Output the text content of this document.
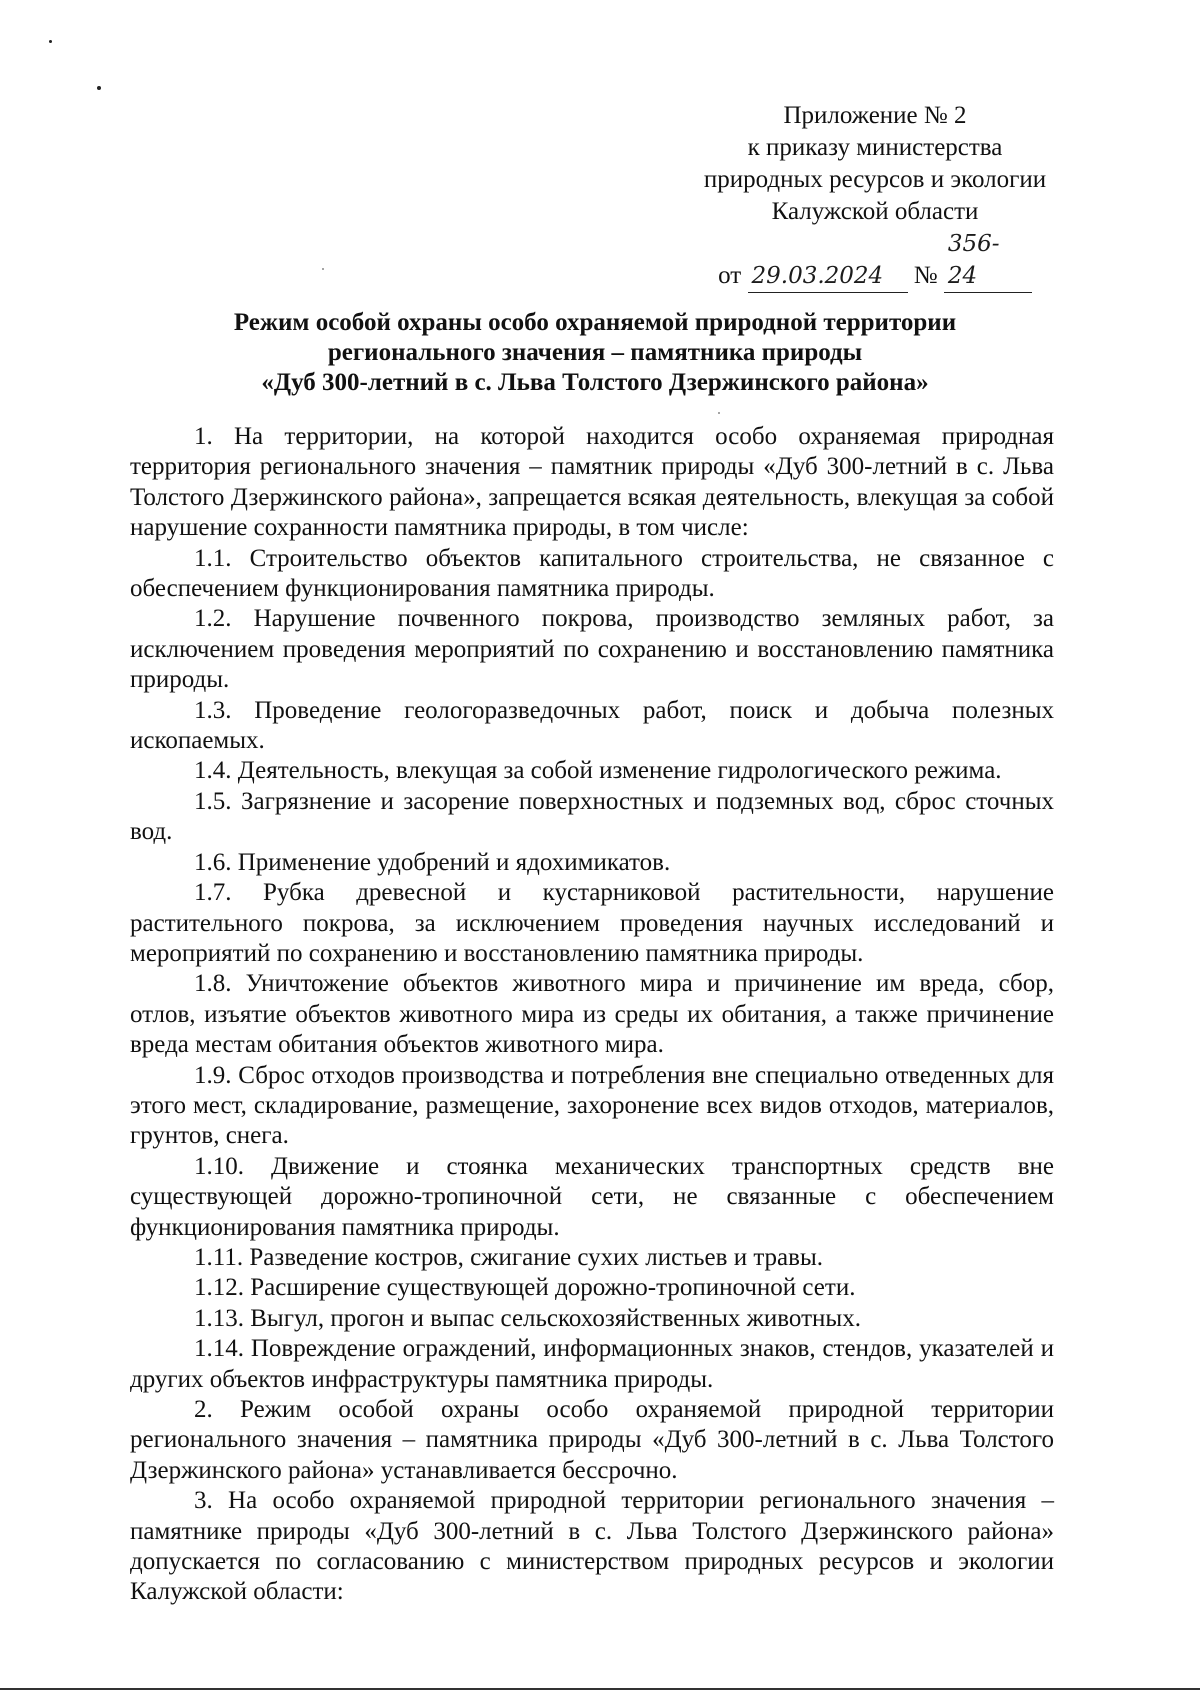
Приложение № 2
к приказу министерства
природных ресурсов и экологии
Калужской области
от 29.03.2024 № 356-24
Режим особой охраны особо охраняемой природной территории
регионального значения – памятника природы
«Дуб 300-летний в с. Льва Толстого Дзержинского района»

1. На территории, на которой находится особо охраняемая природная территория регионального значения – памятник природы «Дуб 300-летний в с. Льва Толстого Дзержинского района», запрещается всякая деятельность, влекущая за собой нарушение сохранности памятника природы, в том числе:

1.1. Строительство объектов капитального строительства, не связанное с обеспечением функционирования памятника природы.

1.2. Нарушение почвенного покрова, производство земляных работ, за исключением проведения мероприятий по сохранению и восстановлению памятника природы.

1.3. Проведение геологоразведочных работ, поиск и добыча полезных ископаемых.

1.4. Деятельность, влекущая за собой изменение гидрологического режима.

1.5. Загрязнение и засорение поверхностных и подземных вод, сброс сточных вод.

1.6. Применение удобрений и ядохимикатов.

1.7. Рубка древесной и кустарниковой растительности, нарушение растительного покрова, за исключением проведения научных исследований и мероприятий по сохранению и восстановлению памятника природы.

1.8. Уничтожение объектов животного мира и причинение им вреда, сбор, отлов, изъятие объектов животного мира из среды их обитания, а также причинение вреда местам обитания объектов животного мира.

1.9. Сброс отходов производства и потребления вне специально отведенных для этого мест, складирование, размещение, захоронение всех видов отходов, материалов, грунтов, снега.

1.10. Движение и стоянка механических транспортных средств вне существующей дорожно-тропиночной сети, не связанные с обеспечением функционирования памятника природы.

1.11. Разведение костров, сжигание сухих листьев и травы.

1.12. Расширение существующей дорожно-тропиночной сети.

1.13. Выгул, прогон и выпас сельскохозяйственных животных.

1.14. Повреждение ограждений, информационных знаков, стендов, указателей и других объектов инфраструктуры памятника природы.

2. Режим особой охраны особо охраняемой природной территории регионального значения – памятника природы «Дуб 300-летний в с. Льва Толстого Дзержинского района» устанавливается бессрочно.

3. На особо охраняемой природной территории регионального значения – памятнике природы «Дуб 300-летний в с. Льва Толстого Дзержинского района» допускается по согласованию с министерством природных ресурсов и экологии Калужской области:
